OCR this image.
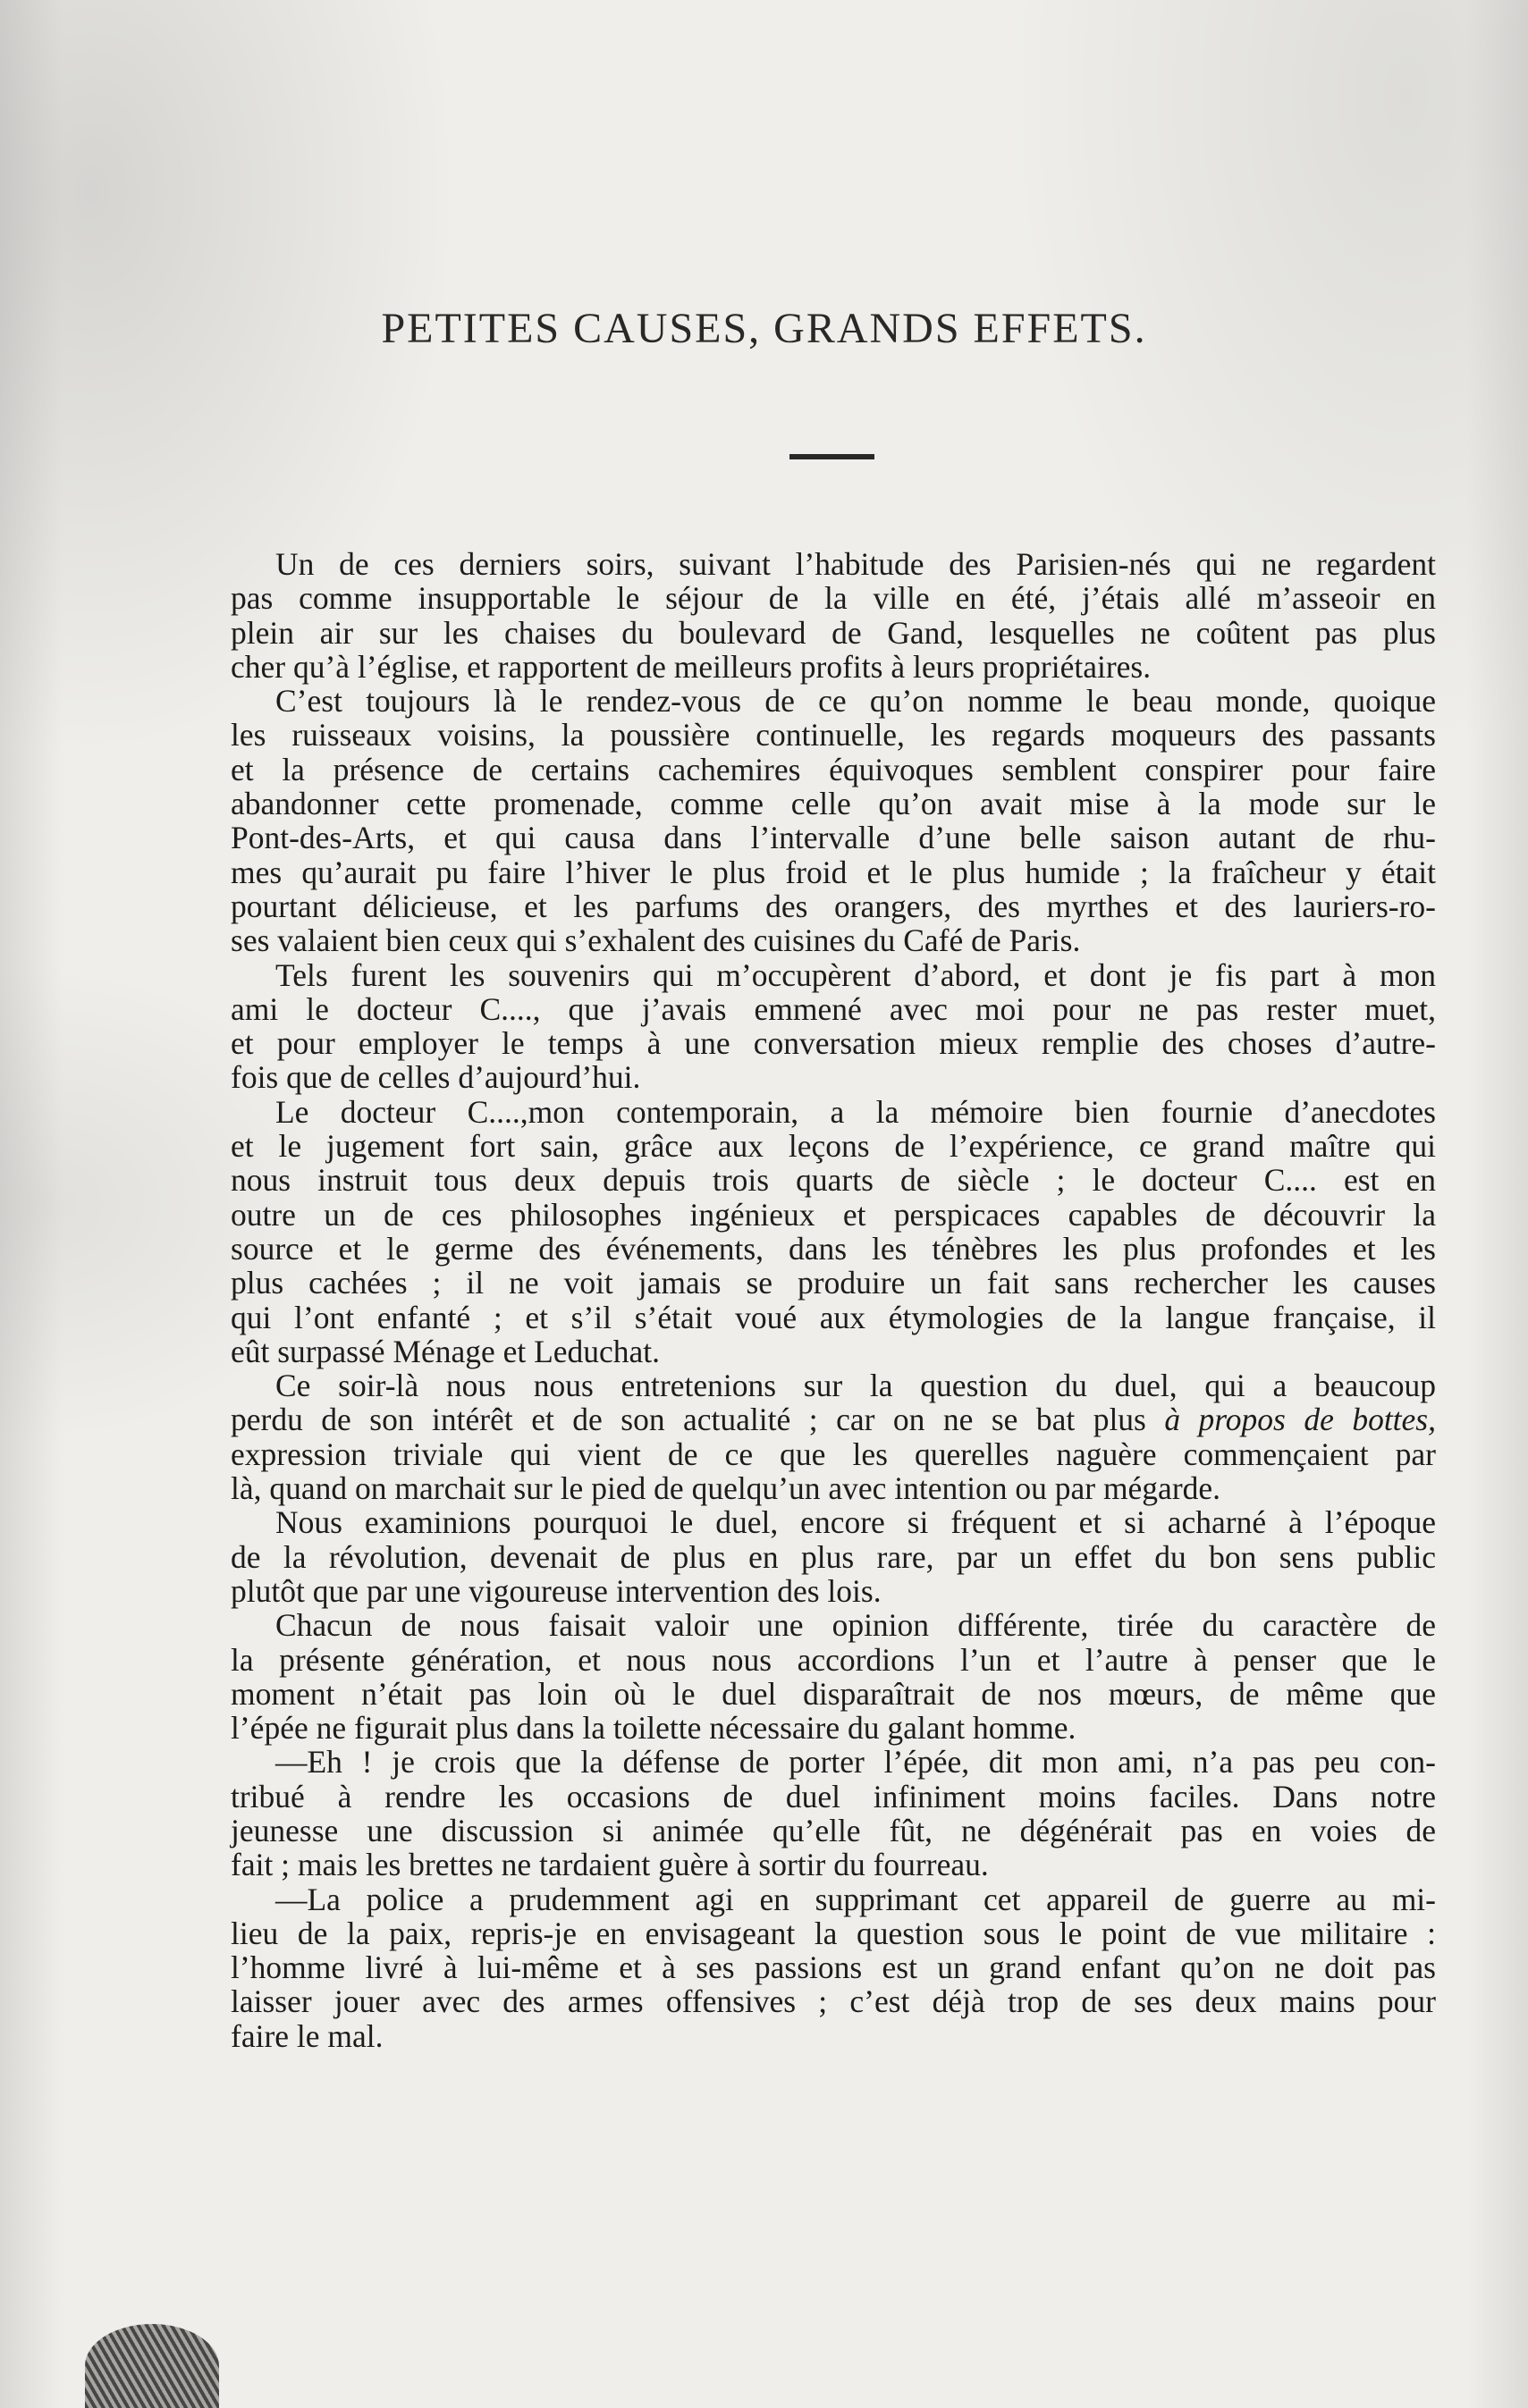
PETITES CAUSES, GRANDS EFFETS.
Un de ces derniers soirs, suivant l’habitude des Parisien-nés qui ne regardent
pas comme insupportable le séjour de la ville en été, j’étais allé m’asseoir en
plein air sur les chaises du boulevard de Gand, lesquelles ne coûtent pas plus
cher qu’à l’église, et rapportent de meilleurs profits à leurs propriétaires.
C’est toujours là le rendez-vous de ce qu’on nomme le beau monde, quoique
les ruisseaux voisins, la poussière continuelle, les regards moqueurs des passants
et la présence de certains cachemires équivoques semblent conspirer pour faire
abandonner cette promenade, comme celle qu’on avait mise à la mode sur le
Pont-des-Arts, et qui causa dans l’intervalle d’une belle saison autant de rhu-
mes qu’aurait pu faire l’hiver le plus froid et le plus humide ; la fraîcheur y était
pourtant délicieuse, et les parfums des orangers, des myrthes et des lauriers-ro-
ses valaient bien ceux qui s’exhalent des cuisines du Café de Paris.
Tels furent les souvenirs qui m’occupèrent d’abord, et dont je fis part à mon
ami le docteur C...., que j’avais emmené avec moi pour ne pas rester muet,
et pour employer le temps à une conversation mieux remplie des choses d’autre-
fois que de celles d’aujourd’hui.
Le docteur C....,mon contemporain, a la mémoire bien fournie d’anecdotes
et le jugement fort sain, grâce aux leçons de l’expérience, ce grand maître qui
nous instruit tous deux depuis trois quarts de siècle ; le docteur C.... est en
outre un de ces philosophes ingénieux et perspicaces capables de découvrir la
source et le germe des événements, dans les ténèbres les plus profondes et les
plus cachées ; il ne voit jamais se produire un fait sans rechercher les causes
qui l’ont enfanté ; et s’il s’était voué aux étymologies de la langue française, il
eût surpassé Ménage et Leduchat.
Ce soir-là nous nous entretenions sur la question du duel, qui a beaucoup
perdu de son intérêt et de son actualité ; car on ne se bat plus à propos de bottes,
expression triviale qui vient de ce que les querelles naguère commençaient par
là, quand on marchait sur le pied de quelqu’un avec intention ou par mégarde.
Nous examinions pourquoi le duel, encore si fréquent et si acharné à l’époque
de la révolution, devenait de plus en plus rare, par un effet du bon sens public
plutôt que par une vigoureuse intervention des lois.
Chacun de nous faisait valoir une opinion différente, tirée du caractère de
la présente génération, et nous nous accordions l’un et l’autre à penser que le
moment n’était pas loin où le duel disparaîtrait de nos mœurs, de même que
l’épée ne figurait plus dans la toilette nécessaire du galant homme.
—Eh ! je crois que la défense de porter l’épée, dit mon ami, n’a pas peu con-
tribué à rendre les occasions de duel infiniment moins faciles. Dans notre
jeunesse une discussion si animée qu’elle fût, ne dégénérait pas en voies de
fait ; mais les brettes ne tardaient guère à sortir du fourreau.
—La police a prudemment agi en supprimant cet appareil de guerre au mi-
lieu de la paix, repris-je en envisageant la question sous le point de vue militaire :
l’homme livré à lui-même et à ses passions est un grand enfant qu’on ne doit pas
laisser jouer avec des armes offensives ; c’est déjà trop de ses deux mains pour
faire le mal.
